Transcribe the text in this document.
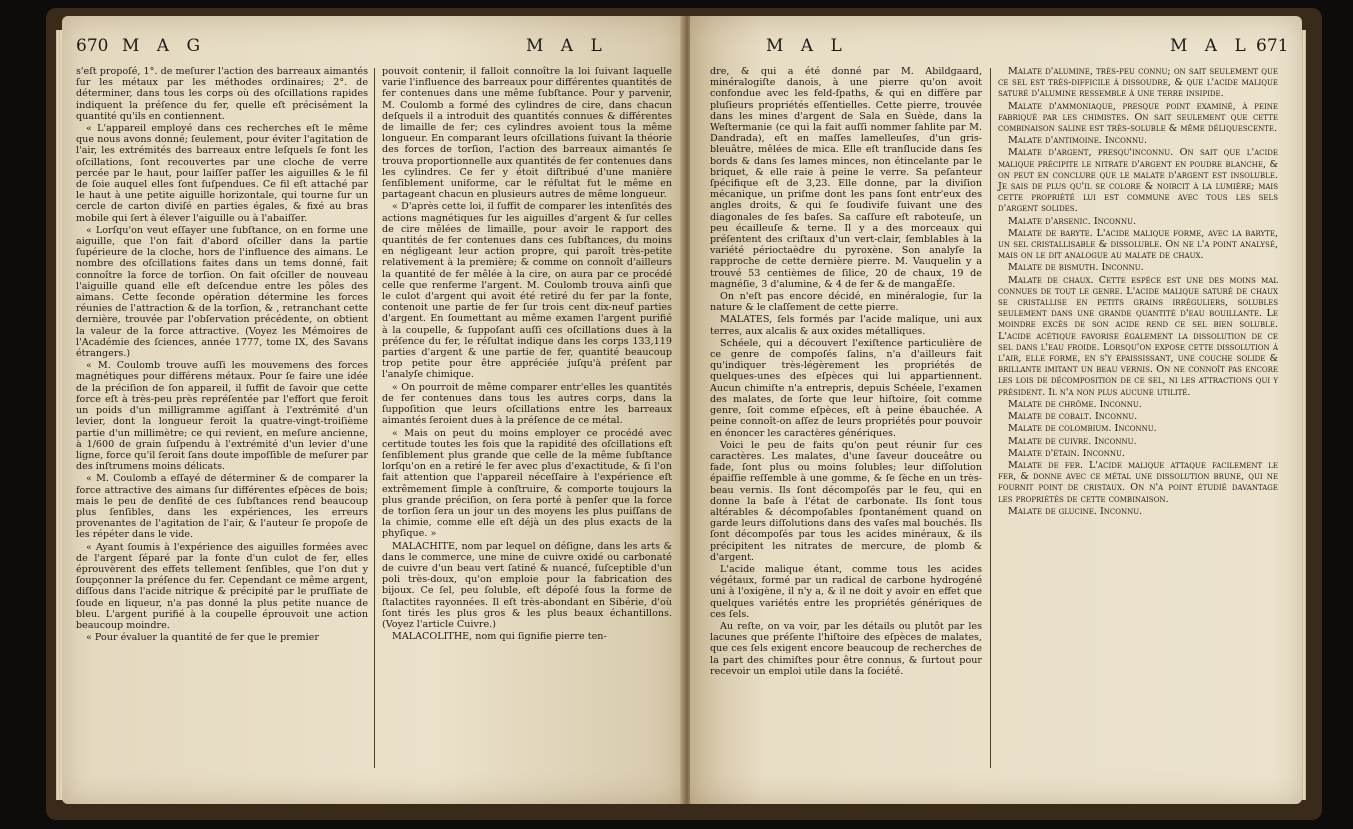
670 M A G	M A L

s'eſt propoſé, 1°. de meſurer l'action des barreaux aimantés ſur les métaux par les méthodes ordinaires; 2°. de déterminer, dans tous les corps où des oſcillations rapides indiquent la préſence du fer, quelle eſt précisément la quantité qu'ils en contiennent.

« L'appareil employé dans ces recherches eſt le même que nous avons donné; ſeulement, pour éviter l'agitation de l'air, les extrémités des barreaux entre leſquels ſe font les oſcillations, ſont recouvertes par une cloche de verre percée par le haut, pour laiſſer paſſer les aiguilles & le fil de ſoie auquel elles ſont ſuſpendues. Ce fil eſt attaché par le haut à une petite aiguille horizontale, qui tourne ſur un cercle de carton diviſé en parties égales, & fixé au bras mobile qui ſert à élever l'aiguille ou à l'abaiſſer.

« Lorſqu'on veut eſſayer une ſubſtance, on en forme une aiguille, que l'on fait d'abord oſciller dans la partie ſupérieure de la cloche, hors de l'influence des aimans. Le nombre des oſcillations faites dans un tems donné, fait connoître la force de torſion. On fait oſciller de nouveau l'aiguille quand elle eſt deſcendue entre les pôles des aimans. Cette ſeconde opération détermine les forces réunies de l'attraction & de la torſion, & , retranchant cette dernière, trouvée par l'obſervation précédente, on obtient la valeur de la force attractive. (Voyez les Mémoires de l'Académie des ſciences, année 1777, tome IX, des Savans étrangers.)

« M. Coulomb trouve auſſi les mouvemens des forces magnétiques pour différens métaux. Pour ſe faire une idée de la préciſion de ſon appareil, il ſuffit de ſavoir que cette force eſt à très-peu près repréſentée par l'effort que feroit un poids d'un milligramme agiſſant à l'extrémité d'un levier, dont la longueur feroit la quatre-vingt-troiſième partie d'un millimètre; ce qui revient, en meſure ancienne, à 1/600 de grain ſuſpendu à l'extrémité d'un levier d'une ligne, force qu'il ſeroit ſans doute impoſſible de meſurer par des inſtrumens moins délicats.

« M. Coulomb a eſſayé de déterminer & de comparer la force attractive des aimans ſur différentes eſpèces de bois; mais le peu de denſité de ces ſubſtances rend beaucoup plus ſenſibles, dans les expériences, les erreurs provenantes de l'agitation de l'air, & l'auteur ſe propoſe de les répéter dans le vide.

« Ayant ſoumis à l'expérience des aiguilles formées avec de l'argent ſéparé par la fonte d'un culot de fer, elles éprouvèrent des effets tellement ſenſibles, que l'on dut y ſoupçonner la préſence du fer. Cependant ce même argent, diſſous dans l'acide nitrique & précipité par le pruſſiate de ſoude en liqueur, n'a pas donné la plus petite nuance de bleu. L'argent purifié à la coupelle éprouvoit une action beaucoup moindre.

« Pour évaluer la quantité de fer que le premier

pouvoit contenir, il falloit connoître la loi ſuivant laquelle varie l'influence des barreaux pour différentes quantités de fer contenues dans une même ſubſtance. Pour y parvenir, M. Coulomb a formé des cylindres de cire, dans chacun deſquels il a introduit des quantités connues & différentes de limaille de fer; ces cylindres avoient tous la même longueur. En comparant leurs oſcillations ſuivant la théorie des forces de torſion, l'action des barreaux aimantés ſe trouva proportionnelle aux quantités de fer contenues dans les cylindres. Ce fer y étoit diſtribué d'une manière ſenſiblement uniforme, car le réſultat fut le même en partageant chacun en plusieurs autres de même longueur.

« D'après cette loi, il ſuffit de comparer les intenſités des actions magnétiques ſur les aiguilles d'argent & ſur celles de cire mêlées de limaille, pour avoir le rapport des quantités de fer contenues dans ces ſubſtances, du moins en négligeant leur action propre, qui paroît très-petite relativement à la première; & comme on connoît d'ailleurs la quantité de fer mêlée à la cire, on aura par ce procédé celle que renferme l'argent. M. Coulomb trouva ainſi que le culot d'argent qui avoit été retiré du fer par la fonte, contenoit une partie de fer ſur trois cent dix-neuf parties d'argent. En ſoumettant au même examen l'argent purifié à la coupelle, & ſuppoſant auſſi ces oſcillations dues à la préſence du fer, le réſultat indique dans les corps 133,119 parties d'argent & une partie de fer, quantité beaucoup trop petite pour être appréciée juſqu'à préſent par l'analyſe chimique.

« On pourroit de même comparer entr'elles les quantités de fer contenues dans tous les autres corps, dans la ſuppoſition que leurs oſcillations entre les barreaux aimantés ſeroient dues à la préſence de ce métal.

« Mais on peut du moins employer ce procédé avec certitude toutes les fois que la rapidité des oſcillations eſt ſenſiblement plus grande que celle de la même ſubſtance lorſqu'on en a retiré le fer avec plus d'exactitude, & ſi l'on fait attention que l'appareil néceſſaire à l'expérience eſt extrêmement ſimple à conſtruire, & comporte toujours la plus grande préciſion, on ſera porté à penſer que la force de torſion ſera un jour un des moyens les plus puiſſans de la chimie, comme elle eſt déjà un des plus exacts de la phyſique. »

MALACHITE, nom par lequel on déſigne, dans les arts & dans le commerce, une mine de cuivre oxidé ou carbonaté de cuivre d'un beau vert ſatiné & nuancé, ſuſceptible d'un poli très-doux, qu'on emploie pour la fabrication des bijoux. Ce ſel, peu ſoluble, eſt dépoſé ſous la forme de ſtalactites rayonnées. Il eſt très-abondant en Sibérie, d'où ſont tirés les plus gros & les plus beaux échantillons. (Voyez l'article Cuivre.)

MALACOLITHE, nom qui ſignifie pierre ten-

M A L	M A L 671

dre, & qui a été donné par M. Abildgaard, minéralogiſte danois, à une pierre qu'on avoit confondue avec les feld-ſpaths, & qui en diffère par pluſieurs propriétés eſſentielles. Cette pierre, trouvée dans les mines d'argent de Sala en Suède, dans la Weſtermanie (ce qui la fait auſſi nommer ſahlite par M. Dandrada), eſt en maſſes lamelleuſes, d'un gris-bleuâtre, mêlées de mica. Elle eſt tranſlucide dans ſes bords & dans ſes lames minces, non étincelante par le briquet, & elle raie à peine le verre. Sa peſanteur ſpécifique eſt de 3,23. Elle donne, par la diviſion mécanique, un priſme dont les pans ſont entr'eux des angles droits, & qui ſe ſoudivife ſuivant une des diagonales de ſes baſes. Sa caſſure eſt raboteuſe, un peu écailleuſe & terne. Il y a des morceaux qui préſentent des criſtaux d'un vert-clair, ſemblables à la variété périoctaèdre du pyroxène. Son analyſe la rapproche de cette dernière pierre. M. Vauquelin y a trouvé 53 centièmes de ſilice, 20 de chaux, 19 de magnéſie, 3 d'alumine, & 4 de fer & de mangaÉſe.

On n'eſt pas encore décidé, en minéralogie, ſur la nature & le claſſement de cette pierre.

MALATES, ſels formés par l'acide malique, uni aux terres, aux alcalis & aux oxides métalliques.

Schéele, qui a découvert l'exiſtence particulière de ce genre de compoſés ſalins, n'a d'ailleurs fait qu'indiquer très-légèrement les propriétés de quelques-unes des eſpèces qui lui appartiennent. Aucun chimiſte n'a entrepris, depuis Schéele, l'examen des malates, de ſorte que leur hiſtoire, ſoit comme genre, ſoit comme eſpèces, eſt à peine ébauchée. A peine connoît-on aſſez de leurs propriétés pour pouvoir en énoncer les caractères génériques.

Voici le peu de faits qu'on peut réunir ſur ces caractères. Les malates, d'une ſaveur douceâtre ou fade, ſont plus ou moins ſolubles; leur diſſolution épaiſſie reſſemble à une gomme, & ſe ſèche en un très-beau vernis. Ils ſont décompoſés par le feu, qui en donne la baſe à l'état de carbonate. Ils ſont tous altérables & décompoſables ſpontanément quand on garde leurs diſſolutions dans des vaſes mal bouchés. Ils ſont décompoſés par tous les acides minéraux, & ils précipitent les nitrates de mercure, de plomb & d'argent.

L'acide malique étant, comme tous les acides végétaux, formé par un radical de carbone hydrogéné uni à l'oxigène, il n'y a, & il ne doit y avoir en effet que quelques variétés entre les propriétés génériques de ces ſels.

Au reſte, on va voir, par les détails ou plutôt par les lacunes que préſente l'hiſtoire des eſpèces de malates, que ces ſels exigent encore beaucoup de recherches de la part des chimiſtes pour être connus, & ſurtout pour recevoir un emploi utile dans la ſociété.

Malate d'alumine, très-peu connu; on ſait ſeulement que ce ſel eſt très-difficile à diſſoudre, & que l'acide malique ſaturé d'alumine reſſemble à une terre inſipide.

Malate d'ammoniaque, preſque point examiné, à peine fabriqué par les chimiſtes. On ſait ſeulement que cette combinaiſon ſaline eſt très-ſoluble & même déliqueſcente.

Malate d'antimoine. Inconnu.

Malate d'argent, preſqu'inconnu. On ſait que l'acide malique précipite le nitrate d'argent en poudre blanche, & on peut en conclure que le malate d'argent eſt inſoluble. Je ſais de plus qu'il ſe colore & noircit à la lumière; mais cette propriété lui eſt commune avec tous les ſels d'argent ſolides.

Malate d'arſenic. Inconnu.

Malate de baryte. L'acide malique forme, avec la baryte, un ſel criſtalliſable & diſſoluble. On ne l'a point analyſé, mais on le dit analogue au malate de chaux.

Malate de biſmuth. Inconnu.

Malate de chaux. Cette eſpèce eſt une des moins mal connues de tout le genre. L'acide malique ſaturé de chaux ſe criſtalliſe en petits grains irréguliers, ſolubles ſeulement dans une grande quantité d'eau bouillante. Le moindre excès de ſon acide rend ce ſel bien ſoluble. L'acide acétique favoriſe également la diſſolution de ce ſel dans l'eau froide. Lorſqu'on expoſe cette diſſolution à l'air, elle forme, en s'y épaiſſiſſant, une couche ſolide & brillante imitant un beau vernis. On ne connoît pas encore les lois de décompoſition de ce ſel, ni les attractions qui y préſident. Il n'a non plus aucune utilité.

Malate de chrôme. Inconnu.

Malate de cobalt. Inconnu.

Malate de colombium. Inconnu.

Malate de cuivre. Inconnu.

Malate d'étain. Inconnu.

Malate de fer. L'acide malique attaque facilement le fer, & donne avec ce métal une diſſolution brune, qui ne fournit point de criſtaux. On n'a point étudié davantage les propriétés de cette combinaiſon.

Malate de glucine. Inconnu.
